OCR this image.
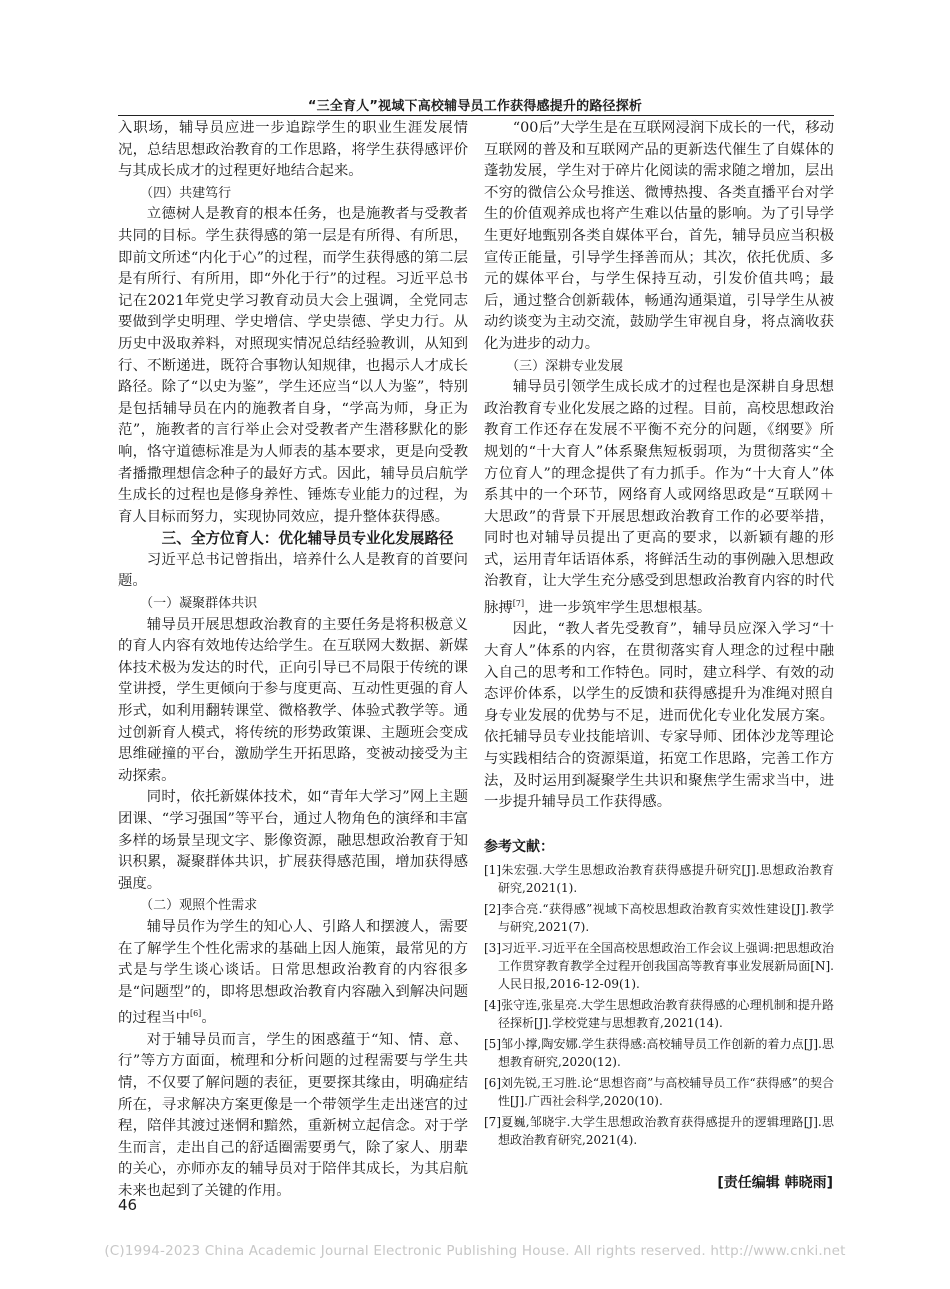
“三全育人”视域下高校辅导员工作获得感提升的路径探析

入职场，辅导员应进一步追踪学生的职业生涯发展情况，总结思想政治教育的工作思路，将学生获得感评价与其成长成才的过程更好地结合起来。

（四）共建笃行

立德树人是教育的根本任务，也是施教者与受教者共同的目标。学生获得感的第一层是有所得、有所思，即前文所述“内化于心”的过程，而学生获得感的第二层是有所行、有所用，即“外化于行”的过程。习近平总书记在2021年党史学习教育动员大会上强调，全党同志要做到学史明理、学史增信、学史崇德、学史力行。从历史中汲取养料，对照现实情况总结经验教训，从知到行、不断递进，既符合事物认知规律，也揭示人才成长路径。除了“以史为鉴”，学生还应当“以人为鉴”，特别是包括辅导员在内的施教者自身，“学高为师，身正为范”，施教者的言行举止会对受教者产生潜移默化的影响，恪守道德标准是为人师表的基本要求，更是向受教者播撒理想信念种子的最好方式。因此，辅导员启航学生成长的过程也是修身养性、锤炼专业能力的过程，为育人目标而努力，实现协同效应，提升整体获得感。

三、全方位育人：优化辅导员专业化发展路径

习近平总书记曾指出，培养什么人是教育的首要问题。

（一）凝聚群体共识

辅导员开展思想政治教育的主要任务是将积极意义的育人内容有效地传达给学生。在互联网大数据、新媒体技术极为发达的时代，正向引导已不局限于传统的课堂讲授，学生更倾向于参与度更高、互动性更强的育人形式，如利用翻转课堂、微格教学、体验式教学等。通过创新育人模式，将传统的形势政策课、主题班会变成思维碰撞的平台，激励学生开拓思路，变被动接受为主动探索。

同时，依托新媒体技术，如“青年大学习”网上主题团课、“学习强国”等平台，通过人物角色的演绎和丰富多样的场景呈现文字、影像资源，融思想政治教育于知识积累，凝聚群体共识，扩展获得感范围，增加获得感强度。

（二）观照个性需求

辅导员作为学生的知心人、引路人和摆渡人，需要在了解学生个性化需求的基础上因人施策，最常见的方式是与学生谈心谈话。日常思想政治教育的内容很多是“问题型”的，即将思想政治教育内容融入到解决问题的过程当中[6]。

对于辅导员而言，学生的困惑蕴于“知、情、意、行”等方方面面，梳理和分析问题的过程需要与学生共情，不仅要了解问题的表征，更要探其缘由，明确症结所在，寻求解决方案更像是一个带领学生走出迷宫的过程，陪伴其渡过迷惘和黯然，重新树立起信念。对于学生而言，走出自己的舒适圈需要勇气，除了家人、朋辈的关心，亦师亦友的辅导员对于陪伴其成长，为其启航未来也起到了关键的作用。

“00后”大学生是在互联网浸润下成长的一代，移动互联网的普及和互联网产品的更新迭代催生了自媒体的蓬勃发展，学生对于碎片化阅读的需求随之增加，层出不穷的微信公众号推送、微博热搜、各类直播平台对学生的价值观养成也将产生难以估量的影响。为了引导学生更好地甄别各类自媒体平台，首先，辅导员应当积极宣传正能量，引导学生择善而从；其次，依托优质、多元的媒体平台，与学生保持互动，引发价值共鸣；最后，通过整合创新载体，畅通沟通渠道，引导学生从被动约谈变为主动交流，鼓励学生审视自身，将点滴收获化为进步的动力。

（三）深耕专业发展

辅导员引领学生成长成才的过程也是深耕自身思想政治教育专业化发展之路的过程。目前，高校思想政治教育工作还存在发展不平衡不充分的问题，《纲要》所规划的“十大育人”体系聚焦短板弱项，为贯彻落实“全方位育人”的理念提供了有力抓手。作为“十大育人”体系其中的一个环节，网络育人或网络思政是“互联网＋大思政”的背景下开展思想政治教育工作的必要举措，同时也对辅导员提出了更高的要求，以新颖有趣的形式，运用青年话语体系，将鲜活生动的事例融入思想政治教育，让大学生充分感受到思想政治教育内容的时代脉搏[7]，进一步筑牢学生思想根基。

因此，“教人者先受教育”，辅导员应深入学习“十大育人”体系的内容，在贯彻落实育人理念的过程中融入自己的思考和工作特色。同时，建立科学、有效的动态评价体系，以学生的反馈和获得感提升为准绳对照自身专业发展的优势与不足，进而优化专业化发展方案。依托辅导员专业技能培训、专家导师、团体沙龙等理论与实践相结合的资源渠道，拓宽工作思路，完善工作方法，及时运用到凝聚学生共识和聚焦学生需求当中，进一步提升辅导员工作获得感。

参考文献：
[1]朱宏强.大学生思想政治教育获得感提升研究[J].思想政治教育研究,2021(1).
[2]李合亮.“获得感”视域下高校思想政治教育实效性建设[J].教学与研究,2021(7).
[3]习近平.习近平在全国高校思想政治工作会议上强调:把思想政治工作贯穿教育教学全过程开创我国高等教育事业发展新局面[N].人民日报,2016-12-09(1).
[4]张守连,张星亮.大学生思想政治教育获得感的心理机制和提升路径探析[J].学校党建与思想教育,2021(14).
[5]邹小撑,陶安娜.学生获得感:高校辅导员工作创新的着力点[J].思想教育研究,2020(12).
[6]刘先锐,王习胜.论“思想咨商”与高校辅导员工作“获得感”的契合性[J].广西社会科学,2020(10).
[7]夏巍,邹晓宇.大学生思想政治教育获得感提升的逻辑理路[J].思想政治教育研究,2021(4).
[责任编辑 韩晓雨]
46
(C)1994-2023 China Academic Journal Electronic Publishing House. All rights reserved. http://www.cnki.net
